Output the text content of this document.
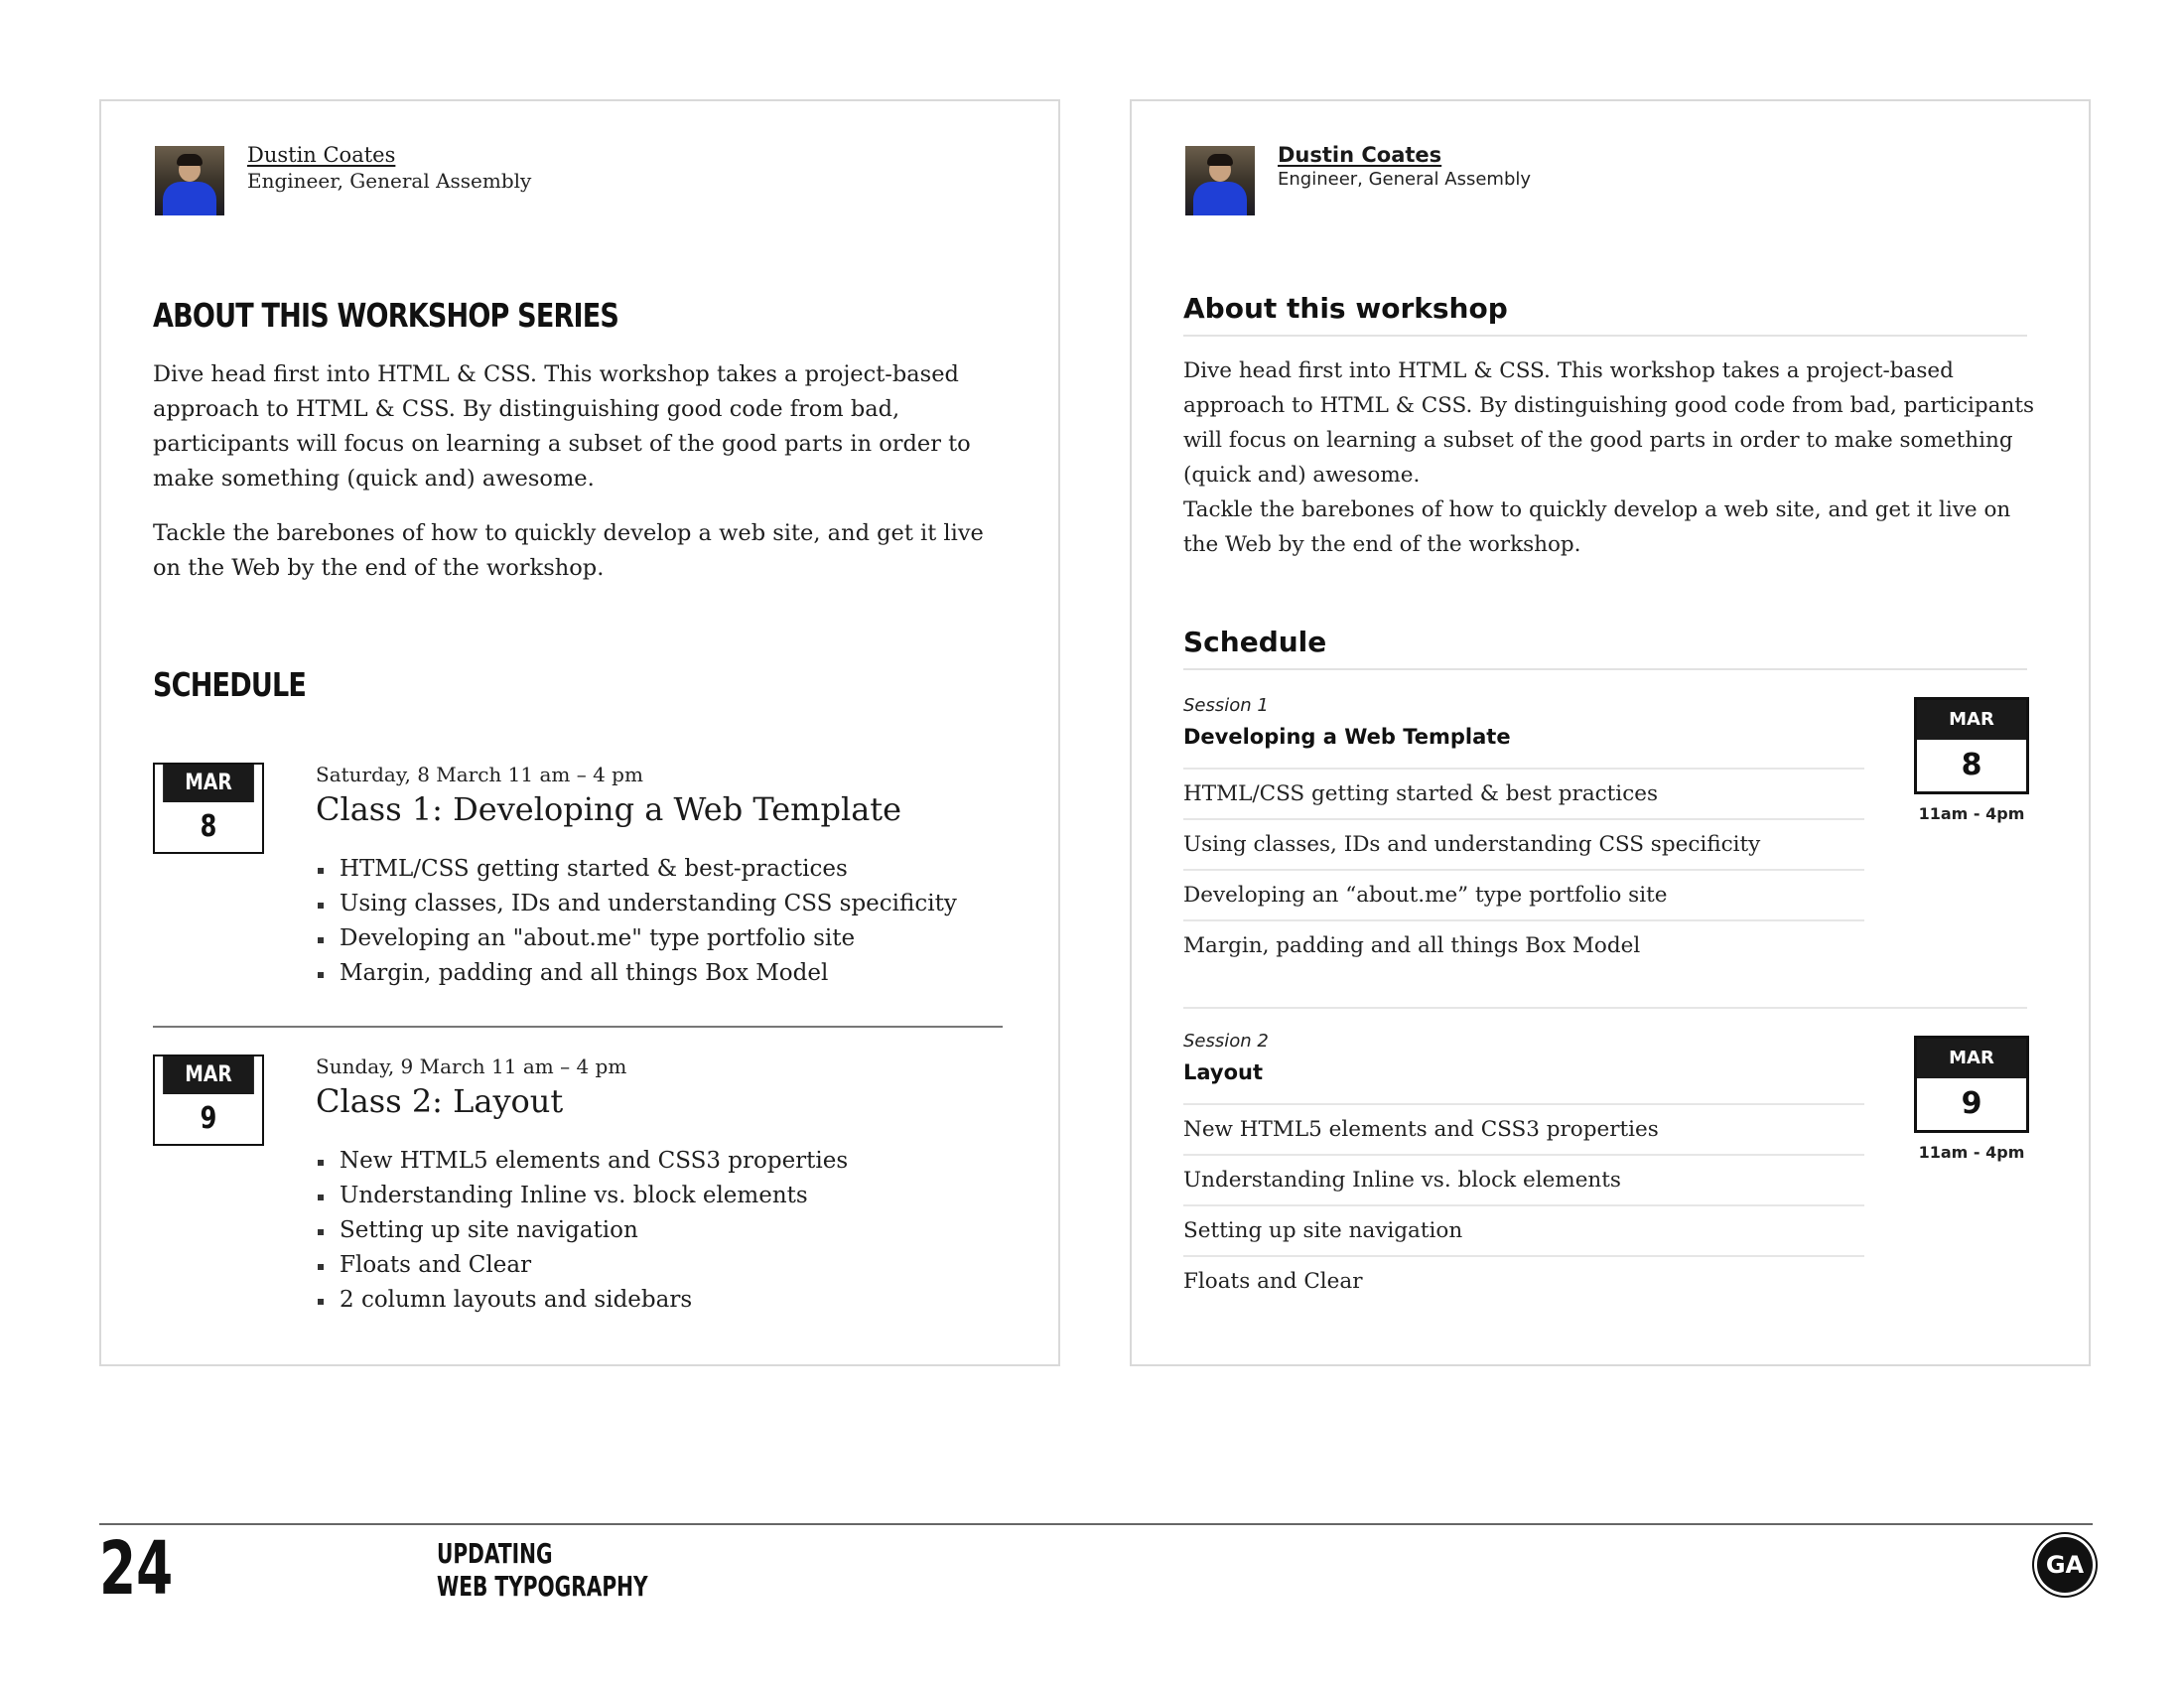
Dustin Coates
Engineer, General Assembly
ABOUT THIS WORKSHOP SERIES

Dive head first into HTML & CSS. This workshop takes a project-based approach to HTML & CSS. By distinguishing good code from bad, participants will focus on learning a subset of the good parts in order to make something (quick and) awesome.

Tackle the barebones of how to quickly develop a web site, and get it live on the Web by the end of the workshop.

SCHEDULE
MAR
8
Saturday, 8 March 11 am – 4 pm
Class 1: Developing a Web Template
HTML/CSS getting started & best-practices
Using classes, IDs and understanding CSS specificity
Developing an "about.me" type portfolio site
Margin, padding and all things Box Model
MAR
9
Sunday, 9 March 11 am – 4 pm
Class 2: Layout
New HTML5 elements and CSS3 properties
Understanding Inline vs. block elements
Setting up site navigation
Floats and Clear
2 column layouts and sidebars
Dustin Coates
Engineer, General Assembly
About this workshop

Dive head first into HTML & CSS. This workshop takes a project-based approach to HTML & CSS. By distinguishing good code from bad, participants will focus on learning a subset of the good parts in order to make something (quick and) awesome.

Tackle the barebones of how to quickly develop a web site, and get it live on the Web by the end of the workshop.

Schedule
Session 1
Developing a Web Template
HTML/CSS getting started & best practices
Using classes, IDs and understanding CSS specificity
Developing an “about.me” type portfolio site
Margin, padding and all things Box Model
MAR
8
11am - 4pm
Session 2
Layout
New HTML5 elements and CSS3 properties
Understanding Inline vs. block elements
Setting up site navigation
Floats and Clear
MAR
9
11am - 4pm
24	UPDATING
WEB TYPOGRAPHY
GA
